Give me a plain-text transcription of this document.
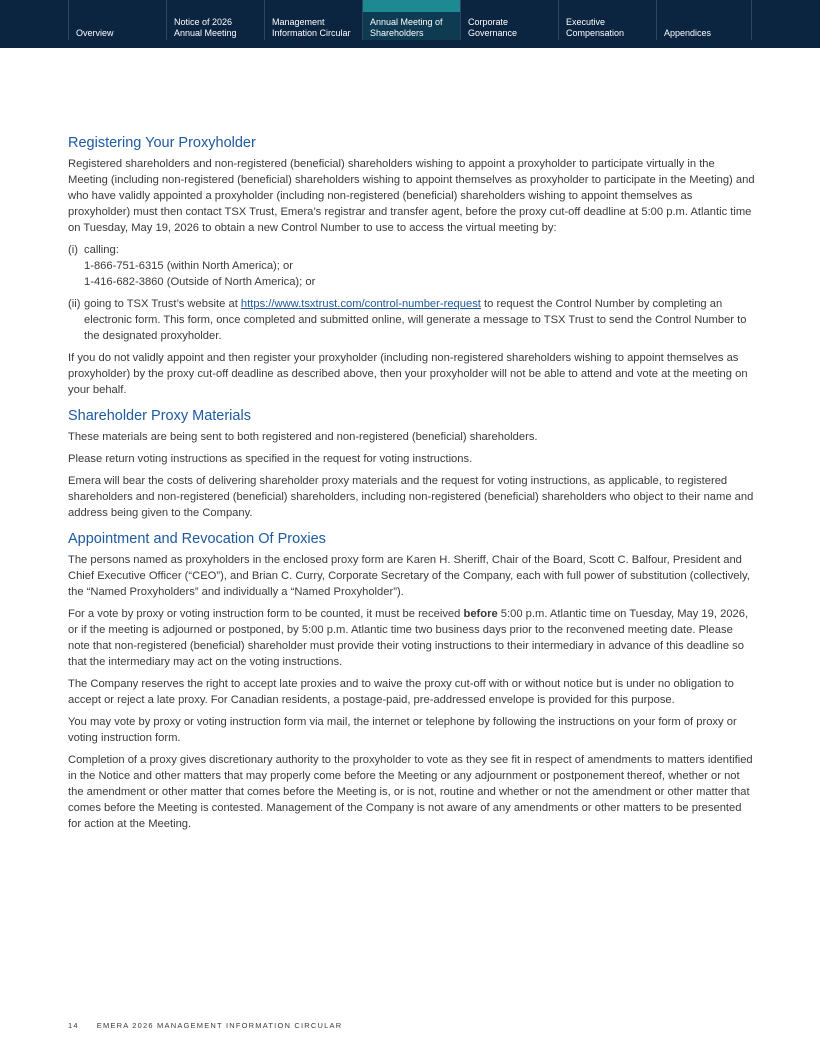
Overview
Notice of 2026
Annual Meeting
Management
Information Circular
Annual Meeting of
Shareholders
Corporate
Governance
Executive
Compensation	Appendices
Registering Your Proxyholder

Registered shareholders and non-registered (beneficial) shareholders wishing to appoint a proxyholder to participate virtually in the Meeting (including non-registered (beneficial) shareholders wishing to appoint themselves as proxyholder to participate in the Meeting) and who have validly appointed a proxyholder (including non-registered (beneficial) shareholders wishing to appoint themselves as proxyholder) must then contact TSX Trust, Emera’s registrar and transfer agent, before the proxy cut-off deadline at 5:00 p.m. Atlantic time on Tuesday, May 19, 2026 to obtain a new Control Number to use to access the virtual meeting by:

(i) calling:
1-866-751-6315 (within North America); or
1-416-682-3860 (Outside of North America); or
(ii) going to TSX Trust’s website at https://www.tsxtrust.com/control-number-request to request the Control Number by completing an electronic form. This form, once completed and submitted online, will generate a message to TSX Trust to send the Control Number to the designated proxyholder.

If you do not validly appoint and then register your proxyholder (including non-registered shareholders wishing to appoint themselves as proxyholder) by the proxy cut-off deadline as described above, then your proxyholder will not be able to attend and vote at the meeting on your behalf.

Shareholder Proxy Materials

These materials are being sent to both registered and non-registered (beneficial) shareholders.

Please return voting instructions as specified in the request for voting instructions.

Emera will bear the costs of delivering shareholder proxy materials and the request for voting instructions, as applicable, to registered shareholders and non-registered (beneficial) shareholders, including non-registered (beneficial) shareholders who object to their name and address being given to the Company.

Appointment and Revocation Of Proxies

The persons named as proxyholders in the enclosed proxy form are Karen H. Sheriff, Chair of the Board, Scott C. Balfour, President and Chief Executive Officer (“CEO”), and Brian C. Curry, Corporate Secretary of the Company, each with full power of substitution (collectively, the “Named Proxyholders” and individually a “Named Proxyholder”).

For a vote by proxy or voting instruction form to be counted, it must be received before 5:00 p.m. Atlantic time on Tuesday, May 19, 2026, or if the meeting is adjourned or postponed, by 5:00 p.m. Atlantic time two business days prior to the reconvened meeting date. Please note that non-registered (beneficial) shareholder must provide their voting instructions to their intermediary in advance of this deadline so that the intermediary may act on the voting instructions.

The Company reserves the right to accept late proxies and to waive the proxy cut-off with or without notice but is under no obligation to accept or reject a late proxy. For Canadian residents, a postage-paid, pre-addressed envelope is provided for this purpose.

You may vote by proxy or voting instruction form via mail, the internet or telephone by following the instructions on your form of proxy or voting instruction form.

Completion of a proxy gives discretionary authority to the proxyholder to vote as they see fit in respect of amendments to matters identified in the Notice and other matters that may properly come before the Meeting or any adjournment or postponement thereof, whether or not the amendment or other matter that comes before the Meeting is, or is not, routine and whether or not the amendment or other matter that comes before the Meeting is contested. Management of the Company is not aware of any amendments or other matters to be presented for action at the Meeting.

14 EMERA 2026 MANAGEMENT INFORMATION CIRCULAR
